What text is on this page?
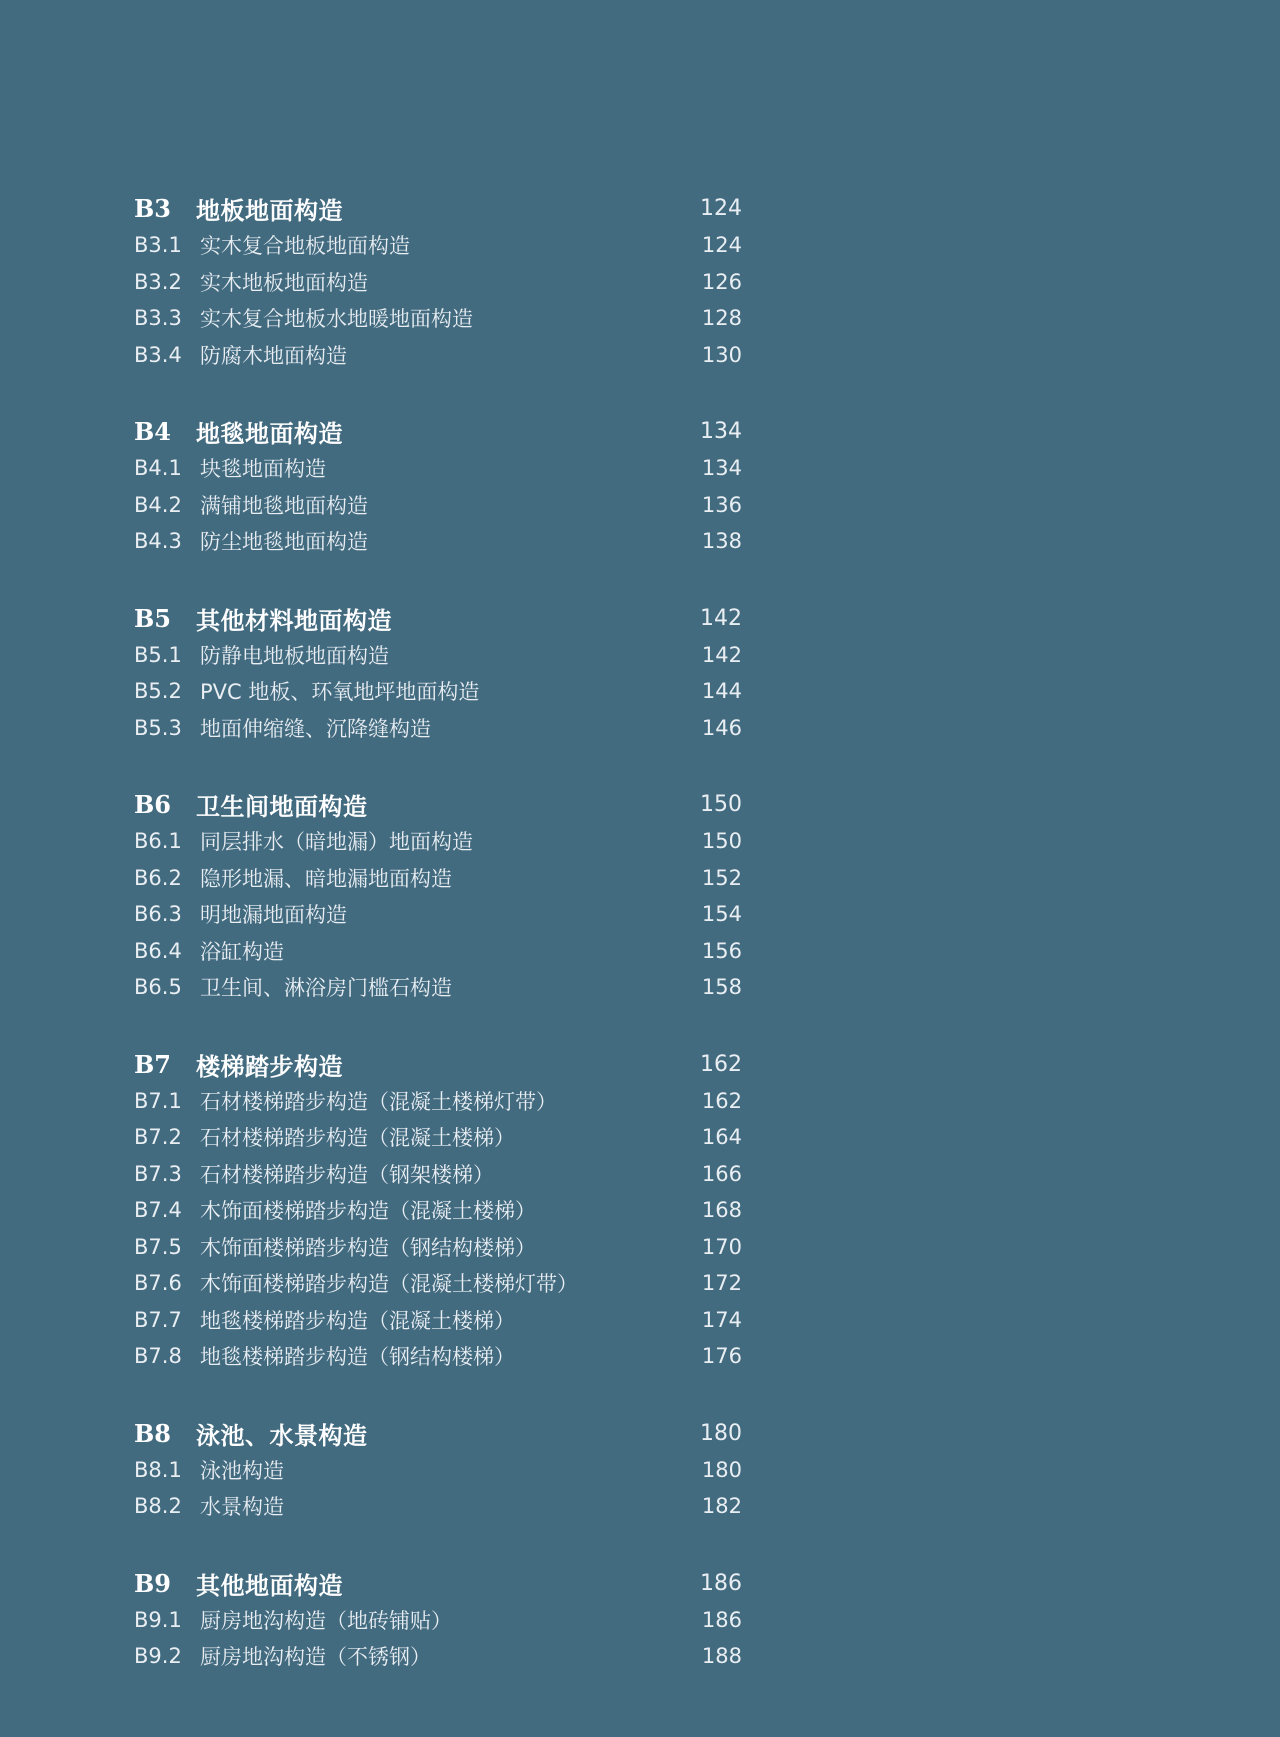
B3	地板地面构造	124
B3.1 实木复合地板地面构造	124
B3.2 实木地板地面构造	126
B3.3 实木复合地板水地暖地面构造	128
B3.4 防腐木地面构造	130
B4	地毯地面构造	134
B4.1 块毯地面构造	134
B4.2 满铺地毯地面构造	136
B4.3 防尘地毯地面构造	138
B5	其他材料地面构造	142
B5.1 防静电地板地面构造	142
B5.2 PVC 地板、环氧地坪地面构造	144
B5.3 地面伸缩缝、沉降缝构造	146
B6	卫生间地面构造	150
B6.1 同层排水（暗地漏）地面构造	150
B6.2 隐形地漏、暗地漏地面构造	152
B6.3 明地漏地面构造	154
B6.4 浴缸构造	156
B6.5 卫生间、淋浴房门槛石构造	158
B7	楼梯踏步构造	162
B7.1 石材楼梯踏步构造（混凝土楼梯灯带）	162
B7.2 石材楼梯踏步构造（混凝土楼梯）	164
B7.3 石材楼梯踏步构造（钢架楼梯）	166
B7.4 木饰面楼梯踏步构造（混凝土楼梯）	168
B7.5 木饰面楼梯踏步构造（钢结构楼梯）	170
B7.6 木饰面楼梯踏步构造（混凝土楼梯灯带）	172
B7.7 地毯楼梯踏步构造（混凝土楼梯）	174
B7.8 地毯楼梯踏步构造（钢结构楼梯）	176
B8	泳池、水景构造	180
B8.1 泳池构造	180
B8.2 水景构造	182
B9	其他地面构造	186
B9.1 厨房地沟构造（地砖铺贴）	186
B9.2 厨房地沟构造（不锈钢）	188
